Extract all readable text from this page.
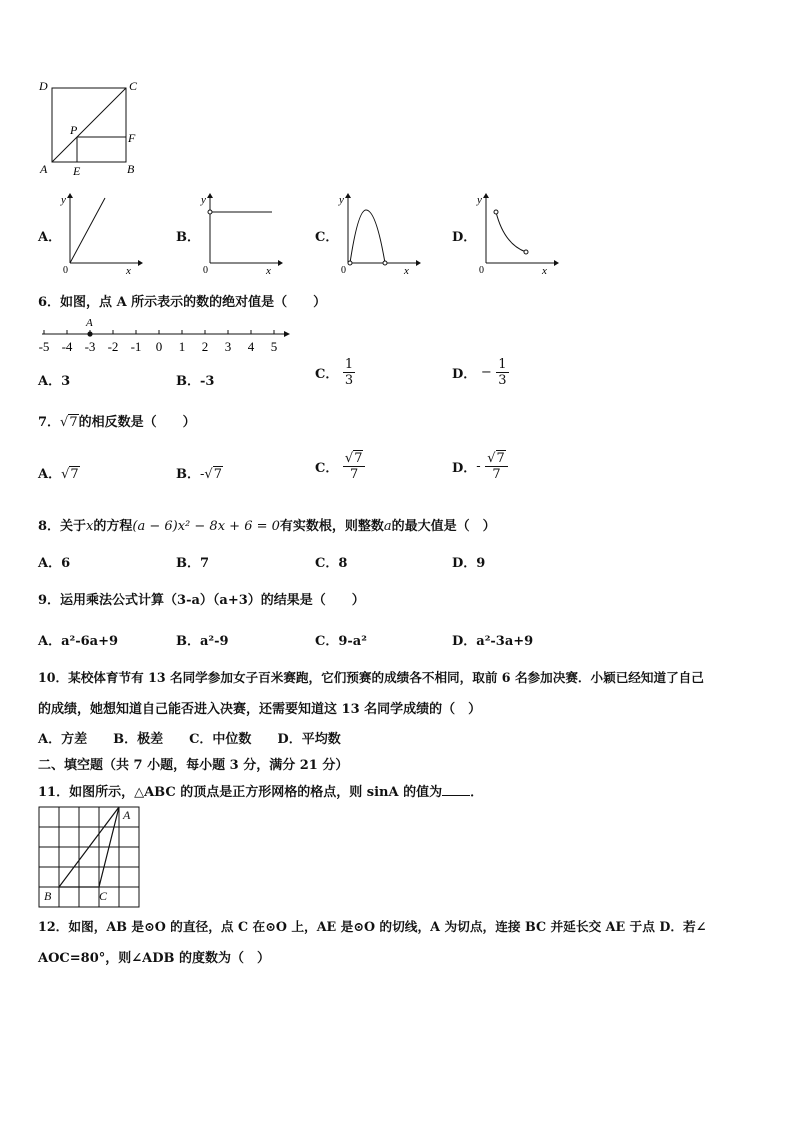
D	C
P
F
A E	B
A．
y
x
0
B．
y
x
0
C．
y
x
0
D．
y
x
0
6．如图，点 A 所示表示的数的绝对值是（　　）
-5 -4 -3 -2 -1 0 1 2 3 4 5
A
A．3	B．-3	C． $\frac{1}{3}$	D． − $\frac{1}{3}$
7．√7的相反数是（　　）
A．√7	B．-√7	C． $\frac{√7}{7}$	D．- $\frac{√7}{7}$
8．关于x的方程(a − 6)x² − 8x + 6 = 0有实数根，则整数a的最大值是（　）
A．6	B．7	C．8	D．9
9．运用乘法公式计算（3-a）（a+3）的结果是（　　）
A．a²-6a+9	B．a²-9	C．9-a²	D．a²-3a+9
10．某校体育节有 13 名同学参加女子百米赛跑，它们预赛的成绩各不相同，取前 6 名参加决赛．小颖已经知道了自己
的成绩，她想知道自己能否进入决赛，还需要知道这 13 名同学成绩的（　）
A．方差　　B．极差　　C．中位数　　D．平均数
二、填空题（共 7 小题，每小题 3 分，满分 21 分）
11．如图所示，△ABC 的顶点是正方形网格的格点，则 sinA 的值为 ．
A
B	C
12．如图，AB 是⊙O 的直径，点 C 在⊙O 上，AE 是⊙O 的切线，A 为切点，连接 BC 并延长交 AE 于点 D．若∠
AOC=80°，则∠ADB 的度数为（　）
